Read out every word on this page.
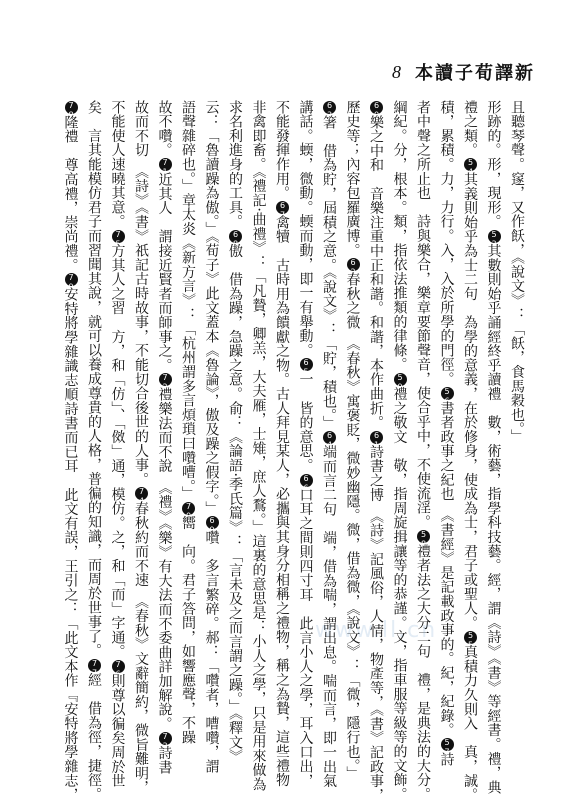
8 本讀子荀譯新
且聽琴聲。䆳，又作飫，《說文》：「飫，食馬穀也。」
形跡的。形，現形。53其數則始乎誦經終乎讀禮　數，術藝，指學科技藝。經，謂《詩》《書》等經書。禮，典
禮之類。54其義則始乎為士二句　為學的意義，在於修身，使成為士，君子或聖人。55真積力久則入　真，誠。
積，累積。力，力行。入，入於所學的門徑。56書者政事之紀也　《書經》是記載政事的。紀，紀錄。57詩
者中聲之所止也　詩與樂合，樂章要節聲音，使合乎中，不使流淫。58禮者法之大分二句　禮，是典法的大分。
綱紀。分，根本。類，指依法推類的律條。59禮之敬文　敬，指周旋揖讓等的恭謹。文，指車服等級等的文飾。
60樂之中和　音樂注重中正和諧。和諧，本作曲折。61詩書之博　《詩》記風俗，人情，物產等，《書》記政事，
歷史等；內容包羅廣博。62春秋之微　《春秋》寓褒貶，微妙幽隱。微，借為微，《說文》：「微，隱行也。」
63箸　借為貯，屆積之意。《說文》：「貯，積也。」64端而言二句　端，借為喘，謂出息。喘而言，即一出氣
講話。蝡，微動。蝡而動，即一有舉動。65一　皆的意思。66口耳之間則四寸耳　此言小人之學，耳入口出，
不能發揮作用。67禽犢　古時用為饋獻之物。古人拜見某人，必攜與其身分相稱之禮物，稱之為贄，這些禮物
非禽即畜。《禮記·曲禮》：「凡贄，卿羔，大夫雁，士雉，庶人鶩。」這裏的意思是：小人之學，只是用來做為
求名利進身的工具。68傲　借為躁，急躁之意。俞：《論語·季氏篇》：「言未及之而言謂之躁。」《釋文》
云：「魯讀躁為傲。」《荀子》此文蓋本《魯論》，傲及躁之假字。」69囋　多言繁碎。郝：「囋者，嘈囋，謂
語聲雜碎也。」章太炎《新方言》：「杭州謂多言煩瑣曰囋嘈。」70嚮　向。君子答問，如響應聲，不躁
故不囋。71近其人　謂接近賢者而師事之。72禮樂法而不說　《禮》《樂》有大法而不委曲詳加解說。73詩書
故而不切　《詩》《書》祇記古時故事，不能切合後世的人事。74春秋約而不速　《春秋》文辭簡約，微旨難明，
不能使人速曉其意。75方其人之習　方，和「仿」、「傚」通，模仿。之，和「而」字通。76則尊以徧矣周於世
矣　言其能模仿君子而習聞其說，就可以養成尊貴的人格，普徧的知識，而周於世事了。77經　借為徑，捷徑。
78隆禮　尊高禮，崇尚禮。79安特將學雜識志順詩書而已耳　此文有誤，王引之：「此文本作『安特將學雜志，	www.ll.cn
